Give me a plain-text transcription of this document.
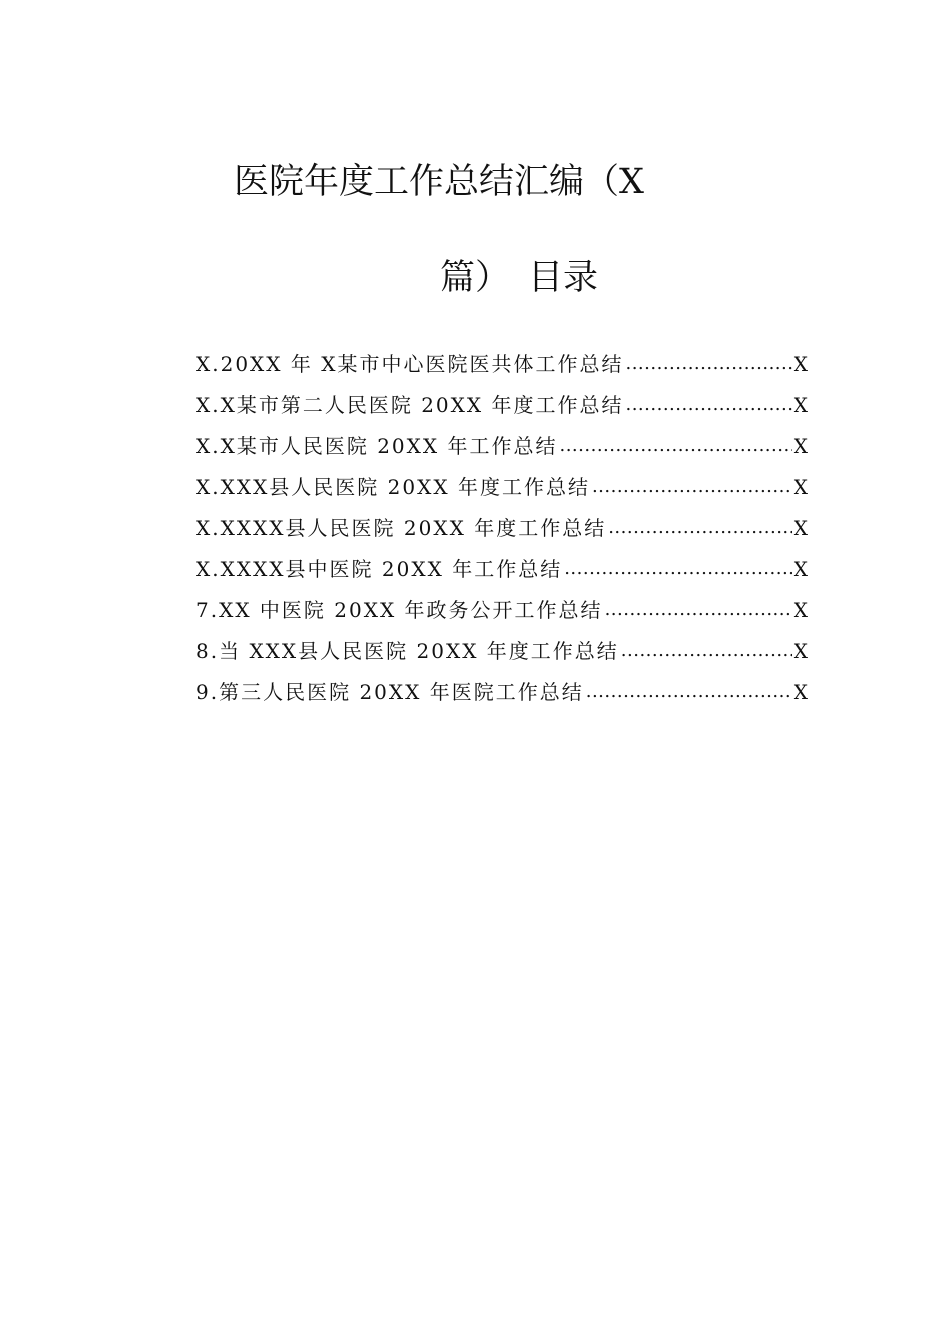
医院年度工作总结汇编（X
篇） 目录
X.20XX 年 X某市中心医院医共体工作总结 .....	X
X.X某市第二人民医院 20XX 年度工作总结 .....	X
X.X某市人民医院 20XX 年工作总结 .....	X
X.XXX县人民医院 20XX 年度工作总结 .....	X
X.XXXX县人民医院 20XX 年度工作总结 .....	X
X.XXXX县中医院 20XX 年工作总结 .....	X
7.XX 中医院 20XX 年政务公开工作总结 .....	X
8.当 XXX县人民医院 20XX 年度工作总结 .....	X
9.第三人民医院 20XX 年医院工作总结 .....	X
